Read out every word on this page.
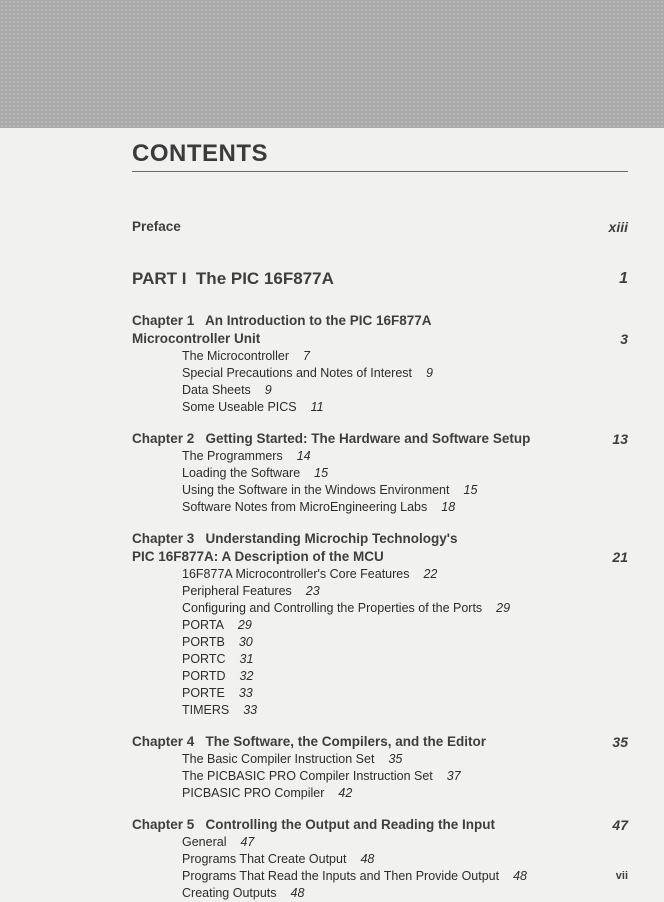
CONTENTS
Preface	xiii
PART I The PIC 16F877A	1
Chapter 1   An Introduction to the PIC 16F877A
Microcontroller Unit	3
The Microcontroller 7
Special Precautions and Notes of Interest 9
Data Sheets 9
Some Useable PICS 11
Chapter 2   Getting Started: The Hardware and Software Setup	13
The Programmers 14
Loading the Software 15
Using the Software in the Windows Environment 15
Software Notes from MicroEngineering Labs 18
Chapter 3   Understanding Microchip Technology's
PIC 16F877A: A Description of the MCU	21
16F877A Microcontroller's Core Features 22
Peripheral Features 23
Configuring and Controlling the Properties of the Ports 29
PORTA 29
PORTB 30
PORTC 31
PORTD 32
PORTE 33
TIMERS 33
Chapter 4   The Software, the Compilers, and the Editor	35
The Basic Compiler Instruction Set 35
The PICBASIC PRO Compiler Instruction Set 37
PICBASIC PRO Compiler 42
Chapter 5   Controlling the Output and Reading the Input	47
General 47
Programs That Create Output 48
Programs That Read the Inputs and Then Provide Output 48
Creating Outputs 48
vii
